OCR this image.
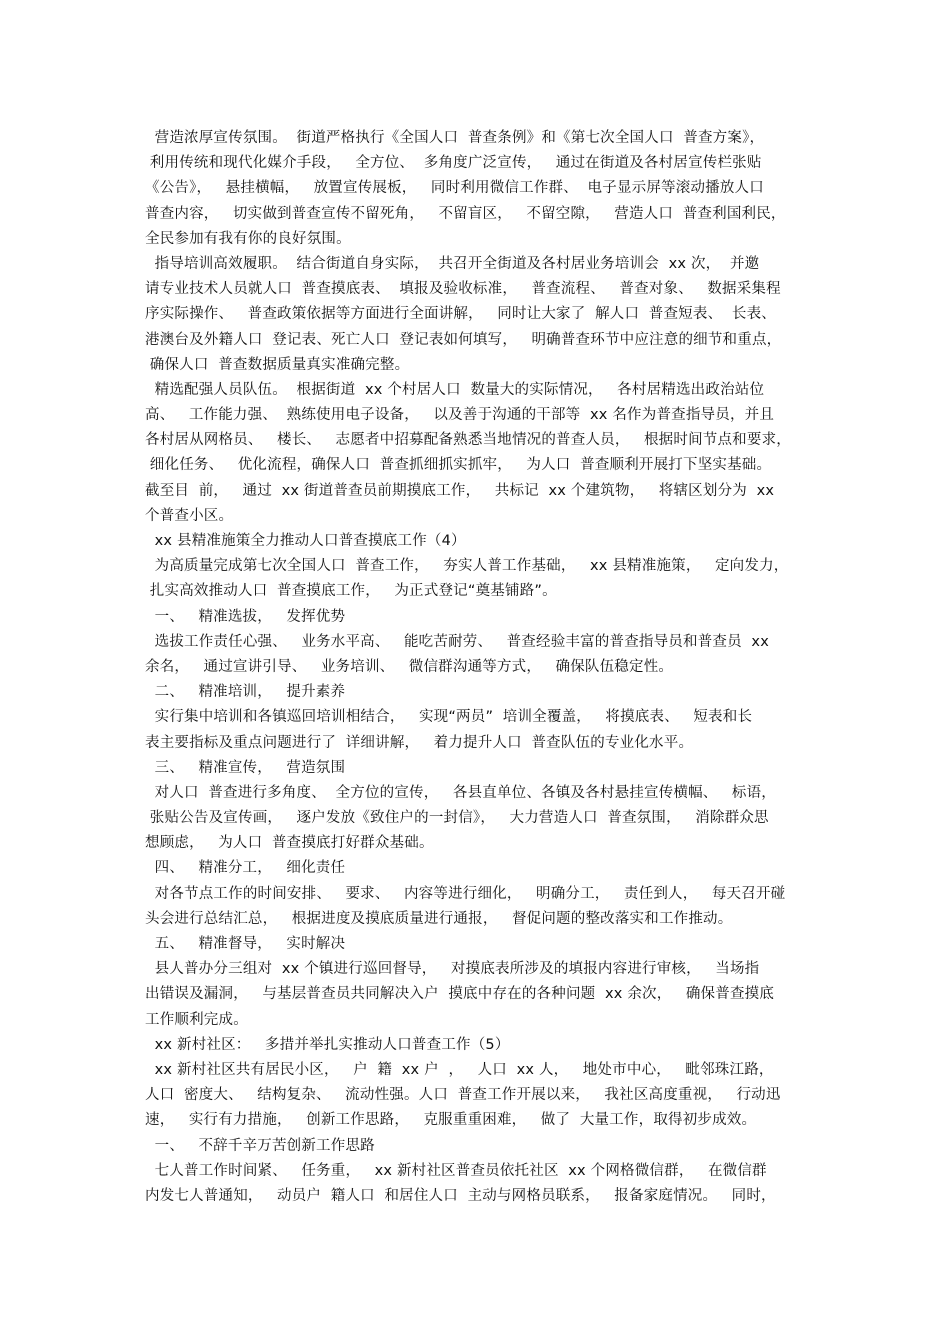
营造浓厚宣传氛围。  街道严格执行《全国人口  普查条例》和《第七次全国人口  普查方案》，
利用传统和现代化媒介手段，   全方位、  多角度广泛宣传，   通过在街道及各村居宣传栏张贴
《公告》，   悬挂横幅，   放置宣传展板，   同时利用微信工作群、  电子显示屏等滚动播放人口
普查内容，   切实做到普查宣传不留死角，   不留盲区，   不留空隙，   营造人口  普查利国利民，
全民参加有我有你的良好氛围。
指导培训高效履职。  结合街道自身实际，  共召开全街道及各村居业务培训会  xx 次，  并邀
请专业技术人员就人口  普查摸底表、  填报及验收标准，   普查流程、   普查对象、   数据采集程
序实际操作、   普查政策依据等方面进行全面讲解，   同时让大家了  解人口  普查短表、  长表、
港澳台及外籍人口  登记表、死亡人口  登记表如何填写，   明确普查环节中应注意的细节和重点，
确保人口  普查数据质量真实准确完整。
精选配强人员队伍。  根据街道  xx 个村居人口  数量大的实际情况，   各村居精选出政治站位
高、   工作能力强、  熟练使用电子设备，   以及善于沟通的干部等  xx 名作为普查指导员，并且
各村居从网格员、   楼长、   志愿者中招募配备熟悉当地情况的普查人员，   根据时间节点和要求，
细化任务、   优化流程，确保人口  普查抓细抓实抓牢，   为人口  普查顺利开展打下坚实基础。
截至目  前，   通过  xx 街道普查员前期摸底工作，   共标记  xx 个建筑物，   将辖区划分为  xx
个普查小区。
xx 县精准施策全力推动人口普查摸底工作（4）
为高质量完成第七次全国人口  普查工作，   夯实人普工作基础，   xx 县精准施策，   定向发力，
扎实高效推动人口  普查摸底工作，   为正式登记“奠基铺路”。
一、   精准选拔，   发挥优势
选拔工作责任心强、   业务水平高、   能吃苦耐劳、   普查经验丰富的普查指导员和普查员  xx
余名，   通过宣讲引导、   业务培训、   微信群沟通等方式，   确保队伍稳定性。
二、   精准培训，   提升素养
实行集中培训和各镇巡回培训相结合，   实现“两员”  培训全覆盖，   将摸底表、   短表和长
表主要指标及重点问题进行了  详细讲解，   着力提升人口  普查队伍的专业化水平。
三、   精准宣传，   营造氛围
对人口  普查进行多角度、  全方位的宣传，   各县直单位、各镇及各村悬挂宣传横幅、   标语，
张贴公告及宣传画，   逐户发放《致住户的一封信》，   大力营造人口  普查氛围，   消除群众思
想顾虑，   为人口  普查摸底打好群众基础。
四、   精准分工，   细化责任
对各节点工作的时间安排、   要求、   内容等进行细化，   明确分工，   责任到人，   每天召开碰
头会进行总结汇总，   根据进度及摸底质量进行通报，   督促问题的整改落实和工作推动。
五、   精准督导，   实时解决
县人普办分三组对  xx 个镇进行巡回督导，   对摸底表所涉及的填报内容进行审核，   当场指
出错误及漏洞，   与基层普查员共同解决入户  摸底中存在的各种问题  xx 余次，   确保普查摸底
工作顺利完成。
xx 新村社区：   多措并举扎实推动人口普查工作（5）
xx 新村社区共有居民小区，   户  籍  xx 户  ，   人口  xx 人，   地处市中心，   毗邻珠江路，
人口  密度大、   结构复杂、   流动性强。人口  普查工作开展以来，   我社区高度重视，   行动迅
速，   实行有力措施，   创新工作思路，   克服重重困难，   做了  大量工作，取得初步成效。
一、   不辞千辛万苦创新工作思路
七人普工作时间紧、   任务重，   xx 新村社区普查员依托社区  xx 个网格微信群，   在微信群
内发七人普通知，   动员户  籍人口  和居住人口  主动与网格员联系，   报备家庭情况。   同时，
